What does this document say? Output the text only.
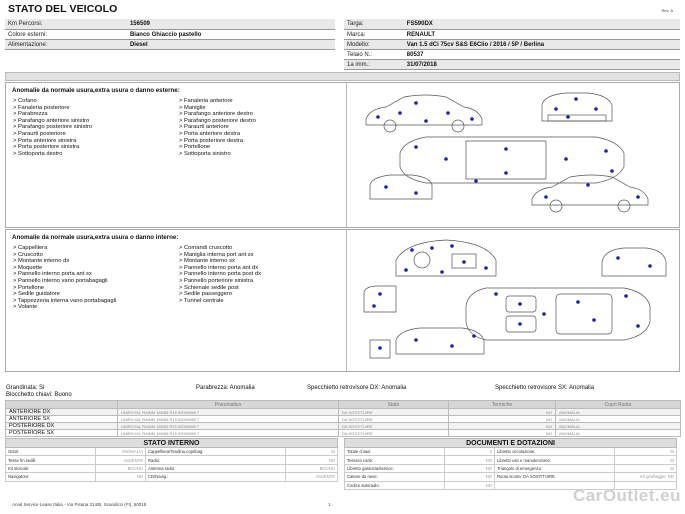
STATO DEL VEICOLO	Rev. A
Km Percorsi:	156509
Colore esterni:	Bianco Ghiaccio pastello
Alimentazione:	Diesel
Targa:	FS590DX
Marca:	RENAULT
Modello:	Van 1.5 dCi 75cv S&S E6Clio / 2016 / 5P / Berlina
Telaio N.:	80537
1a imm.:	31/07/2018
Anomalie da normale usura,extra usura o danno esterne:
> Cofano
> Fanaleria posteriore
> Parabrezza
> Parafango anteriore sinistro
> Parafango posteriore sinistro
> Paraurti posteriore
> Porta anteriore sinistra
> Porta posteriore sinistra
> Sottoporta destro
> Fanaleria anteriore
> Maniglie
> Parafango anteriore destro
> Parafango posteriore destro
> Paraurti anteriore
> Porta anteriore destra
> Porta posteriore destra
> Portellone
> Sottoporta sinistro
Anomalie da normale usura,extra usura o danno interne:
> Cappelliera
> Cruscotto
> Montante interno dx
> Moquette
> Pannello interno porta ant sx
> Pannello interno vano portabagagli
> Portellone
> Sedile guidatore
> Tappezzeria interna vano portabagagli
> Volante
> Comandi cruscotto
> Maniglia interna port ant sx
> Montante interno sx
> Pannello interno porta ant dx
> Pannello interno porta post dx
> Pannello porteriore sinistra
> Schienale sedile post
> Sedile passeggero
> Tunnel centrale
Grandinata: Si
Blocchetto chiavi: Buono
Parabrezza: Anomalia	Specchietto retrovisore DX: Anomalia	Specchietto retrovisore SX: Anomalia
	Pneumatico	Stato	Termiche	Copri Ruota
ANTERIORE DX	UNIROYAL RAINM 185/65 R15 00000088 T	DA SOSTITUIRE	NO	ANOMALIA
ANTERIORE SX	UNIROYAL RAINM 185/65 R15 00000088 T	DA SOSTITUIRE	NO	ANOMALIA
POSTERIORE DX	UNIROYAL RAINM 185/65 R15 00000088 T	DA SOSTITUIRE	NO	ANOMALIA
POSTERIORE SX	UNIROYAL RAINM 185/65 R15 00000088 T	DA SOSTITUIRE	NO	ANOMALIA
STATO INTERNO			
Odori:	ANOMALIA	Cappelliera/Tendina copribag:	SI
Tesse fin.sedili:	ASSENTE	Radio:	NO
Kit stoicule:	BUONO	Antenna radio:	BUONO
Navigatore:	NO	CD/Navig.:	ASSENTE
DOCUMENTI E DOTAZIONI			
Totale chiavi:	2	Libretto circolazione:	SI
Tessera code:	NO	Libretto uso e manutenzione:	SI
Libretto garanzia/service:	NO	Triangolo di emergenza:	SI
Catene da neve:	NO	Ruota scorta: DA SOSTITUIRE	Kit gonfiaggio: NO
Codice autoradio:	NO		
Arval Service Lease Italia - Via Pisana 314/B, Scandicci (FI), 50018	1	CarOutlet.eu
